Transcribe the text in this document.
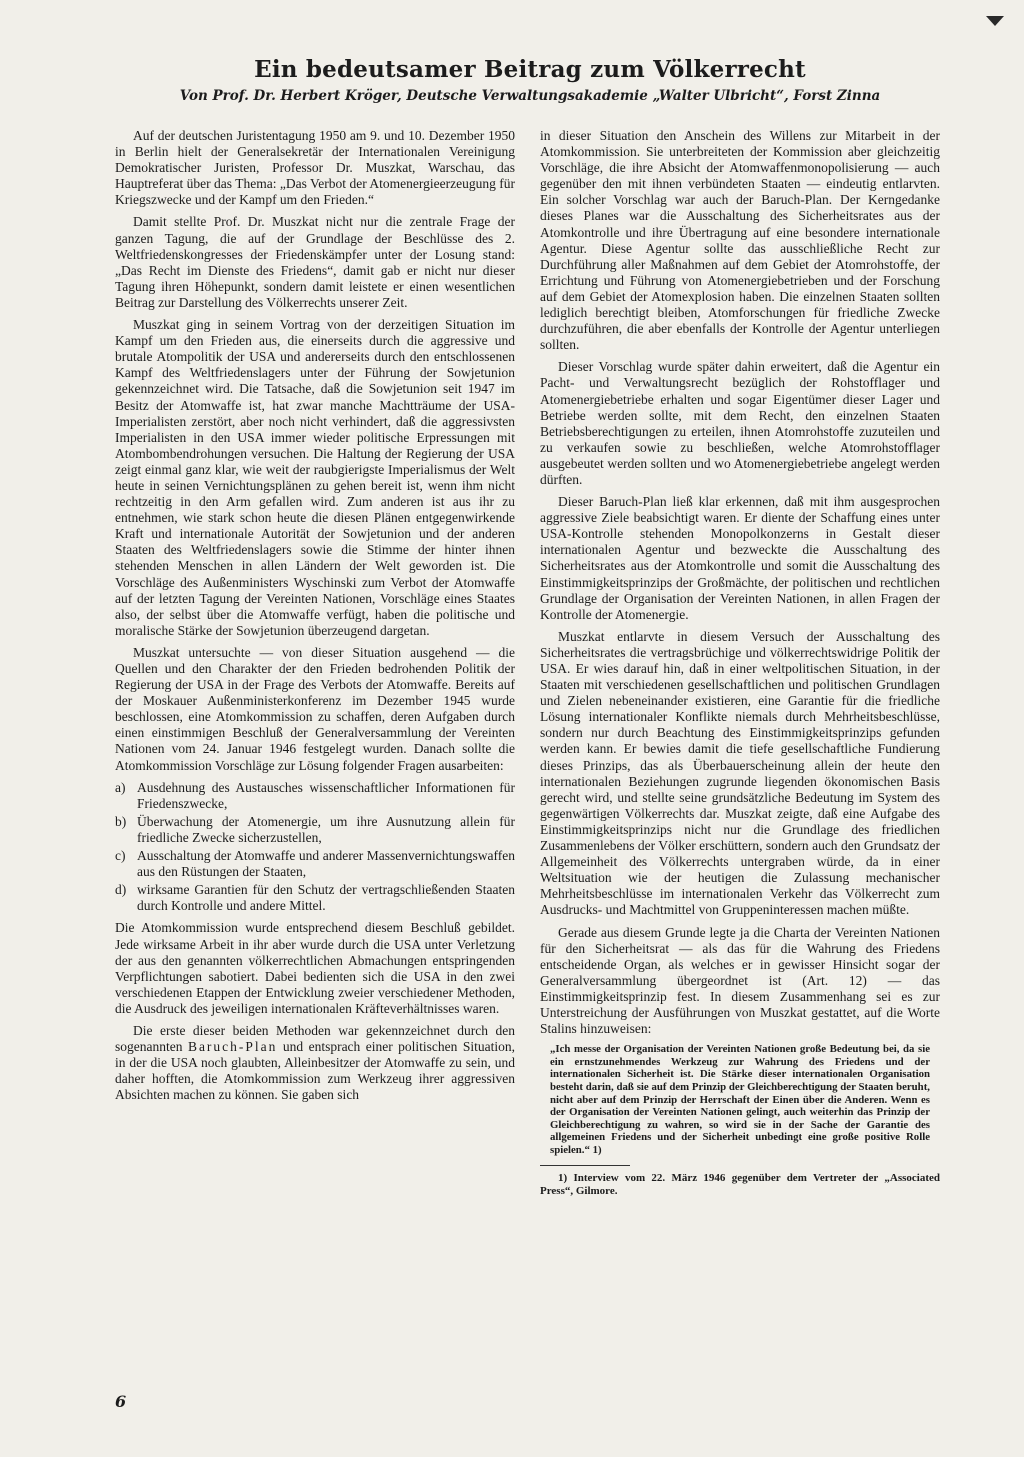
Ein bedeutsamer Beitrag zum Völkerrecht
Von Prof. Dr. Herbert Kröger, Deutsche Verwaltungsakademie „Walter Ulbricht“, Forst Zinna

Auf der deutschen Juristentagung 1950 am 9. und 10. Dezember 1950 in Berlin hielt der Generalsekretär der Internationalen Vereinigung Demokratischer Juristen, Professor Dr. Muszkat, Warschau, das Hauptreferat über das Thema: „Das Verbot der Atomenergieerzeugung für Kriegszwecke und der Kampf um den Frieden.“

Damit stellte Prof. Dr. Muszkat nicht nur die zentrale Frage der ganzen Tagung, die auf der Grundlage der Beschlüsse des 2. Weltfriedenskongresses der Friedenskämpfer unter der Losung stand: „Das Recht im Dienste des Friedens“, damit gab er nicht nur dieser Tagung ihren Höhepunkt, sondern damit leistete er einen wesentlichen Beitrag zur Darstellung des Völkerrechts unserer Zeit.

Muszkat ging in seinem Vortrag von der derzeitigen Situation im Kampf um den Frieden aus, die einerseits durch die aggressive und brutale Atompolitik der USA und andererseits durch den entschlossenen Kampf des Weltfriedenslagers unter der Führung der Sowjetunion gekennzeichnet wird. Die Tatsache, daß die Sowjetunion seit 1947 im Besitz der Atomwaffe ist, hat zwar manche Machtträume der USA-Imperialisten zerstört, aber noch nicht verhindert, daß die aggressivsten Imperialisten in den USA immer wieder politische Erpressungen mit Atombombendrohungen versuchen. Die Haltung der Regierung der USA zeigt einmal ganz klar, wie weit der raubgierigste Imperialismus der Welt heute in seinen Vernichtungsplänen zu gehen bereit ist, wenn ihm nicht rechtzeitig in den Arm gefallen wird. Zum anderen ist aus ihr zu entnehmen, wie stark schon heute die diesen Plänen entgegenwirkende Kraft und internationale Autorität der Sowjetunion und der anderen Staaten des Weltfriedenslagers sowie die Stimme der hinter ihnen stehenden Menschen in allen Ländern der Welt geworden ist. Die Vorschläge des Außenministers Wyschinski zum Verbot der Atomwaffe auf der letzten Tagung der Vereinten Nationen, Vorschläge eines Staates also, der selbst über die Atomwaffe verfügt, haben die politische und moralische Stärke der Sowjetunion überzeugend dargetan.

Muszkat untersuchte — von dieser Situation ausgehend — die Quellen und den Charakter der den Frieden bedrohenden Politik der Regierung der USA in der Frage des Verbots der Atomwaffe. Bereits auf der Moskauer Außenministerkonferenz im Dezember 1945 wurde beschlossen, eine Atomkommission zu schaffen, deren Aufgaben durch einen einstimmigen Beschluß der Generalversammlung der Vereinten Nationen vom 24. Januar 1946 festgelegt wurden. Danach sollte die Atomkommission Vorschläge zur Lösung folgender Fragen ausarbeiten:

a) Ausdehnung des Austausches wissenschaftlicher Informationen für Friedenszwecke,
b) Überwachung der Atomenergie, um ihre Ausnutzung allein für friedliche Zwecke sicherzustellen,
c) Ausschaltung der Atomwaffe und anderer Massenvernichtungswaffen aus den Rüstungen der Staaten,
d) wirksame Garantien für den Schutz der vertragschließenden Staaten durch Kontrolle und andere Mittel.

Die Atomkommission wurde entsprechend diesem Beschluß gebildet. Jede wirksame Arbeit in ihr aber wurde durch die USA unter Verletzung der aus den genannten völkerrechtlichen Abmachungen entspringenden Verpflichtungen sabotiert. Dabei bedienten sich die USA in den zwei verschiedenen Etappen der Entwicklung zweier verschiedener Methoden, die Ausdruck des jeweiligen internationalen Kräfteverhältnisses waren.

Die erste dieser beiden Methoden war gekennzeichnet durch den sogenannten Baruch-Plan und entsprach einer politischen Situation, in der die USA noch glaubten, Alleinbesitzer der Atomwaffe zu sein, und daher hofften, die Atomkommission zum Werkzeug ihrer aggressiven Absichten machen zu können. Sie gaben sich

in dieser Situation den Anschein des Willens zur Mitarbeit in der Atomkommission. Sie unterbreiteten der Kommission aber gleichzeitig Vorschläge, die ihre Absicht der Atomwaffenmonopolisierung — auch gegenüber den mit ihnen verbündeten Staaten — eindeutig entlarvten. Ein solcher Vorschlag war auch der Baruch-Plan. Der Kerngedanke dieses Planes war die Ausschaltung des Sicherheitsrates aus der Atomkontrolle und ihre Übertragung auf eine besondere internationale Agentur. Diese Agentur sollte das ausschließliche Recht zur Durchführung aller Maßnahmen auf dem Gebiet der Atomrohstoffe, der Errichtung und Führung von Atomenergiebetrieben und der Forschung auf dem Gebiet der Atomexplosion haben. Die einzelnen Staaten sollten lediglich berechtigt bleiben, Atomforschungen für friedliche Zwecke durchzuführen, die aber ebenfalls der Kontrolle der Agentur unterliegen sollten.

Dieser Vorschlag wurde später dahin erweitert, daß die Agentur ein Pacht- und Verwaltungsrecht bezüglich der Rohstofflager und Atomenergiebetriebe erhalten und sogar Eigentümer dieser Lager und Betriebe werden sollte, mit dem Recht, den einzelnen Staaten Betriebsberechtigungen zu erteilen, ihnen Atomrohstoffe zuzuteilen und zu verkaufen sowie zu beschließen, welche Atomrohstofflager ausgebeutet werden sollten und wo Atomenergiebetriebe angelegt werden dürften.

Dieser Baruch-Plan ließ klar erkennen, daß mit ihm ausgesprochen aggressive Ziele beabsichtigt waren. Er diente der Schaffung eines unter USA-Kontrolle stehenden Monopolkonzerns in Gestalt dieser internationalen Agentur und bezweckte die Ausschaltung des Sicherheitsrates aus der Atomkontrolle und somit die Ausschaltung des Einstimmigkeitsprinzips der Großmächte, der politischen und rechtlichen Grundlage der Organisation der Vereinten Nationen, in allen Fragen der Kontrolle der Atomenergie.

Muszkat entlarvte in diesem Versuch der Ausschaltung des Sicherheitsrates die vertragsbrüchige und völkerrechtswidrige Politik der USA. Er wies darauf hin, daß in einer weltpolitischen Situation, in der Staaten mit verschiedenen gesellschaftlichen und politischen Grundlagen und Zielen nebeneinander existieren, eine Garantie für die friedliche Lösung internationaler Konflikte niemals durch Mehrheitsbeschlüsse, sondern nur durch Beachtung des Einstimmigkeitsprinzips gefunden werden kann. Er bewies damit die tiefe gesellschaftliche Fundierung dieses Prinzips, das als Überbauerscheinung allein der heute den internationalen Beziehungen zugrunde liegenden ökonomischen Basis gerecht wird, und stellte seine grundsätzliche Bedeutung im System des gegenwärtigen Völkerrechts dar. Muszkat zeigte, daß eine Aufgabe des Einstimmigkeitsprinzips nicht nur die Grundlage des friedlichen Zusammenlebens der Völker erschüttern, sondern auch den Grundsatz der Allgemeinheit des Völkerrechts untergraben würde, da in einer Weltsituation wie der heutigen die Zulassung mechanischer Mehrheitsbeschlüsse im internationalen Verkehr das Völkerrecht zum Ausdrucks- und Machtmittel von Gruppeninteressen machen müßte.

Gerade aus diesem Grunde legte ja die Charta der Vereinten Nationen für den Sicherheitsrat — als das für die Wahrung des Friedens entscheidende Organ, als welches er in gewisser Hinsicht sogar der Generalversammlung übergeordnet ist (Art. 12) — das Einstimmigkeitsprinzip fest. In diesem Zusammenhang sei es zur Unterstreichung der Ausführungen von Muszkat gestattet, auf die Worte Stalins hinzuweisen:

„Ich messe der Organisation der Vereinten Nationen große Bedeutung bei, da sie ein ernstzunehmendes Werkzeug zur Wahrung des Friedens und der internationalen Sicherheit ist. Die Stärke dieser internationalen Organisation besteht darin, daß sie auf dem Prinzip der Gleichberechtigung der Staaten beruht, nicht aber auf dem Prinzip der Herrschaft der Einen über die Anderen. Wenn es der Organisation der Vereinten Nationen gelingt, auch weiterhin das Prinzip der Gleichberechtigung zu wahren, so wird sie in der Sache der Garantie des allgemeinen Friedens und der Sicherheit unbedingt eine große positive Rolle spielen.“ 1)

1) Interview vom 22. März 1946 gegenüber dem Vertreter der „Associated Press“, Gilmore.

6
